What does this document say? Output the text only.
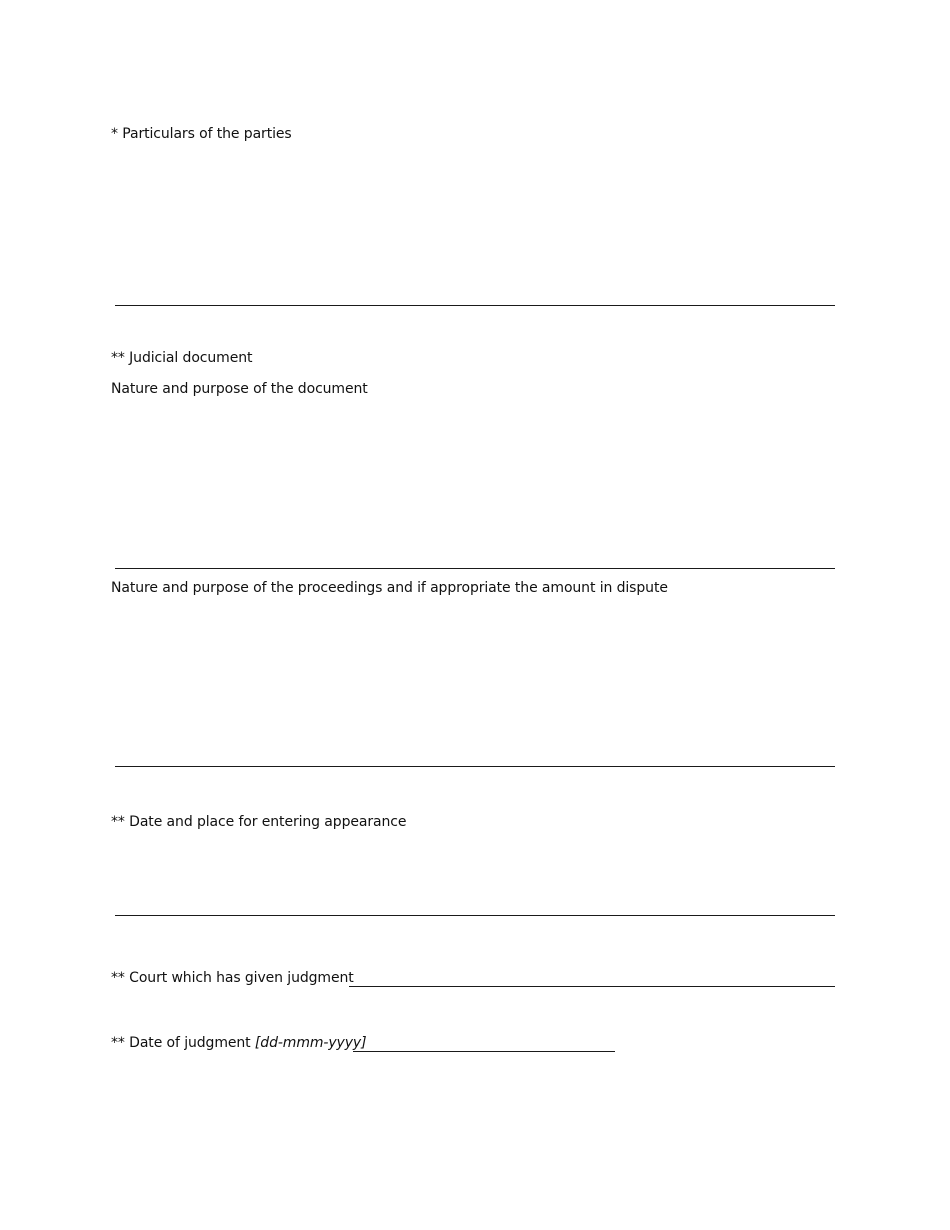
* Particulars of the parties
** Judicial document
Nature and purpose of the document
Nature and purpose of the proceedings and if appropriate the amount in dispute
** Date and place for entering appearance
** Court which has given judgment
** Date of judgment [dd-mmm-yyyy]
